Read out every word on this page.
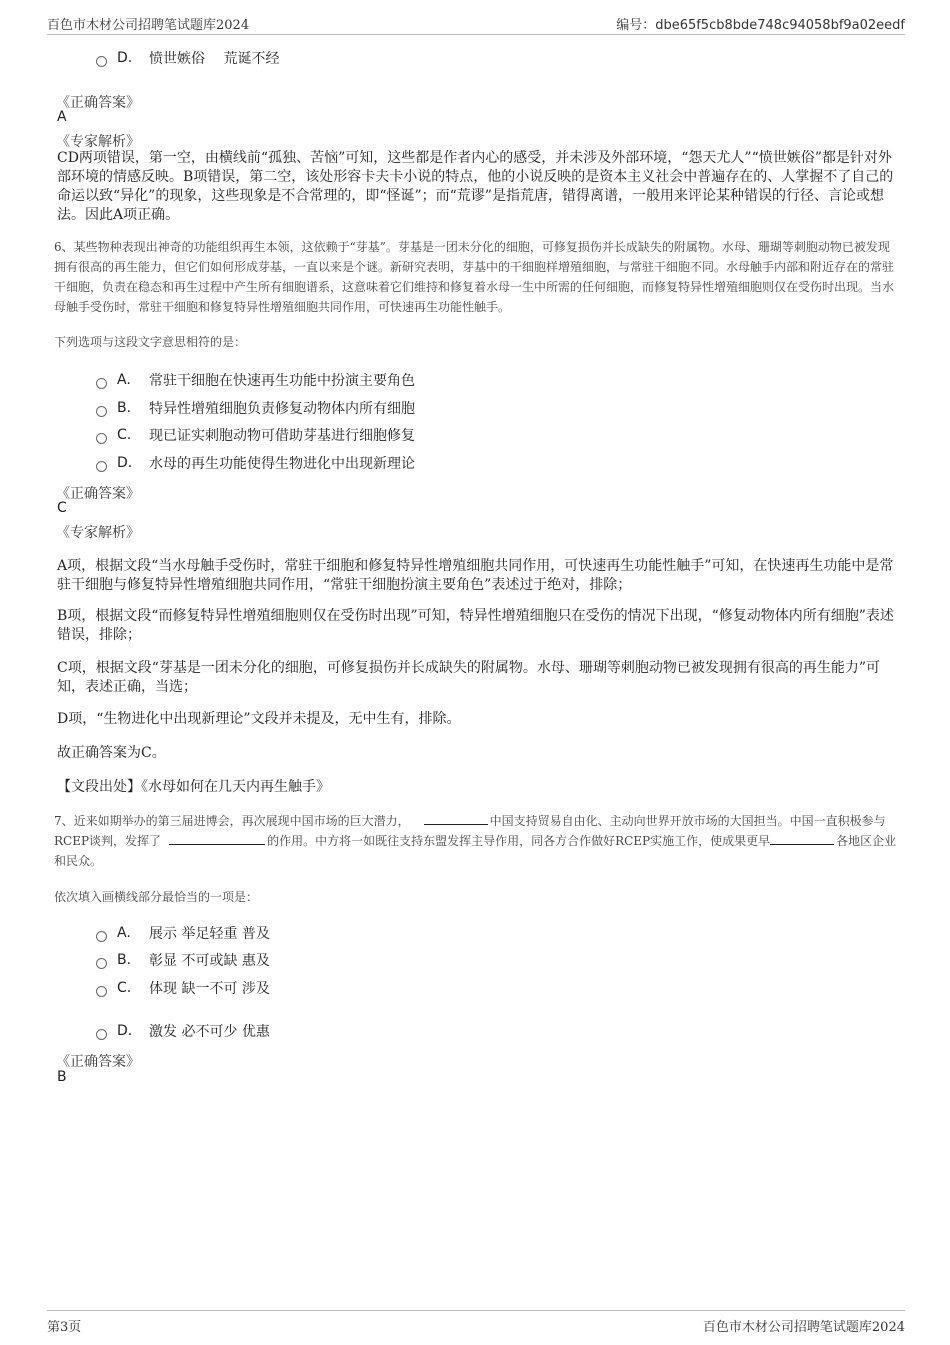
百色市木材公司招聘笔试题库2024	编号：dbe65f5cb8bde748c94058bf9a02eedf
D.	愤世嫉俗　 荒诞不经
《正确答案》
A
《专家解析》
CD两项错误，第一空，由横线前“孤独、苦恼”可知，这些都是作者内心的感受，并未涉及外部环境，“怨天尤人”“愤世嫉俗”都是针对外部环境的情感反映。B项错误，第二空，该处形容卡夫卡小说的特点，他的小说反映的是资本主义社会中普遍存在的、人掌握不了自己的命运以致“异化”的现象，这些现象是不合常理的，即“怪诞”；而“荒谬”是指荒唐，错得离谱，一般用来评论某种错误的行径、言论或想法。因此A项正确。
6、某些物种表现出神奇的功能组织再生本领，这依赖于“芽基”。芽基是一团未分化的细胞，可修复损伤并长成缺失的附属物。水母、珊瑚等刺胞动物已被发现拥有很高的再生能力，但它们如何形成芽基，一直以来是个谜。新研究表明，芽基中的干细胞样增殖细胞，与常驻干细胞不同。水母触手内部和附近存在的常驻干细胞，负责在稳态和再生过程中产生所有细胞谱系，这意味着它们维持和修复着水母一生中所需的任何细胞，而修复特异性增殖细胞则仅在受伤时出现。当水母触手受伤时，常驻干细胞和修复特异性增殖细胞共同作用，可快速再生功能性触手。
下列选项与这段文字意思相符的是：
A.	常驻干细胞在快速再生功能中扮演主要角色
B.	特异性增殖细胞负责修复动物体内所有细胞
C.	现已证实刺胞动物可借助芽基进行细胞修复
D.	水母的再生功能使得生物进化中出现新理论
《正确答案》
C
《专家解析》
A项，根据文段“当水母触手受伤时，常驻干细胞和修复特异性增殖细胞共同作用，可快速再生功能性触手”可知，在快速再生功能中是常驻干细胞与修复特异性增殖细胞共同作用，“常驻干细胞扮演主要角色”表述过于绝对，排除；
B项，根据文段“而修复特异性增殖细胞则仅在受伤时出现”可知，特异性增殖细胞只在受伤的情况下出现，“修复动物体内所有细胞”表述错误，排除；
C项，根据文段“芽基是一团未分化的细胞，可修复损伤并长成缺失的附属物。水母、珊瑚等刺胞动物已被发现拥有很高的再生能力”可知，表述正确，当选；
D项，“生物进化中出现新理论”文段并未提及，无中生有，排除。
故正确答案为C。
【文段出处】《水母如何在几天内再生触手》
7、近来如期举办的第三届进博会，再次展现中国市场的巨大潜力，	中国支持贸易自由化、主动向世界开放市场的大国担当。中国一直积极参与RCEP谈判，发挥了	的作用。中方将一如既往支持东盟发挥主导作用，同各方合作做好RCEP实施工作，使成果更早	各地区企业和民众。
依次填入画横线部分最恰当的一项是：
A.	展示 举足轻重 普及
B.	彰显 不可或缺 惠及
C.	体现 缺一不可 涉及
D.	激发 必不可少 优惠
《正确答案》
B
第3页	百色市木材公司招聘笔试题库2024
